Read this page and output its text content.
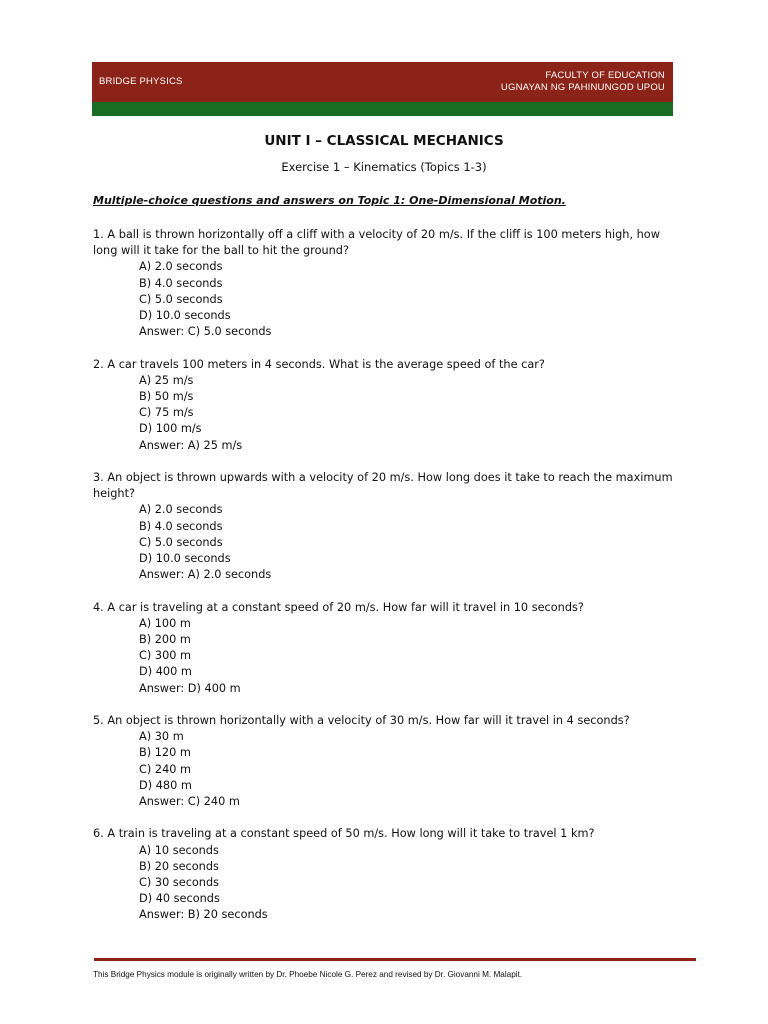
BRIDGE PHYSICS
FACULTY OF EDUCATION
UGNAYAN NG PAHINUNGOD UPOU
UNIT I – CLASSICAL MECHANICS
Exercise 1 – Kinematics (Topics 1-3)
Multiple-choice questions and answers on Topic 1: One-Dimensional Motion.

1. A ball is thrown horizontally off a cliff with a velocity of 20 m/s. If the cliff is 100 meters high, how long will it take for the ball to hit the ground?

A) 2.0 seconds
B) 4.0 seconds
C) 5.0 seconds
D) 10.0 seconds

Answer: C) 5.0 seconds

2. A car travels 100 meters in 4 seconds. What is the average speed of the car?

A) 25 m/s
B) 50 m/s
C) 75 m/s
D) 100 m/s

Answer: A) 25 m/s

3. An object is thrown upwards with a velocity of 20 m/s. How long does it take to reach the maximum height?

A) 2.0 seconds
B) 4.0 seconds
C) 5.0 seconds
D) 10.0 seconds

Answer: A) 2.0 seconds

4. A car is traveling at a constant speed of 20 m/s. How far will it travel in 10 seconds?

A) 100 m
B) 200 m
C) 300 m
D) 400 m

Answer: D) 400 m

5. An object is thrown horizontally with a velocity of 30 m/s. How far will it travel in 4 seconds?

A) 30 m
B) 120 m
C) 240 m
D) 480 m

Answer: C) 240 m

6. A train is traveling at a constant speed of 50 m/s. How long will it take to travel 1 km?

A) 10 seconds
B) 20 seconds
C) 30 seconds
D) 40 seconds

Answer: B) 20 seconds

This Bridge Physics module is originally written by Dr. Phoebe Nicole G. Perez and revised by Dr. Giovanni M. Malapit.
